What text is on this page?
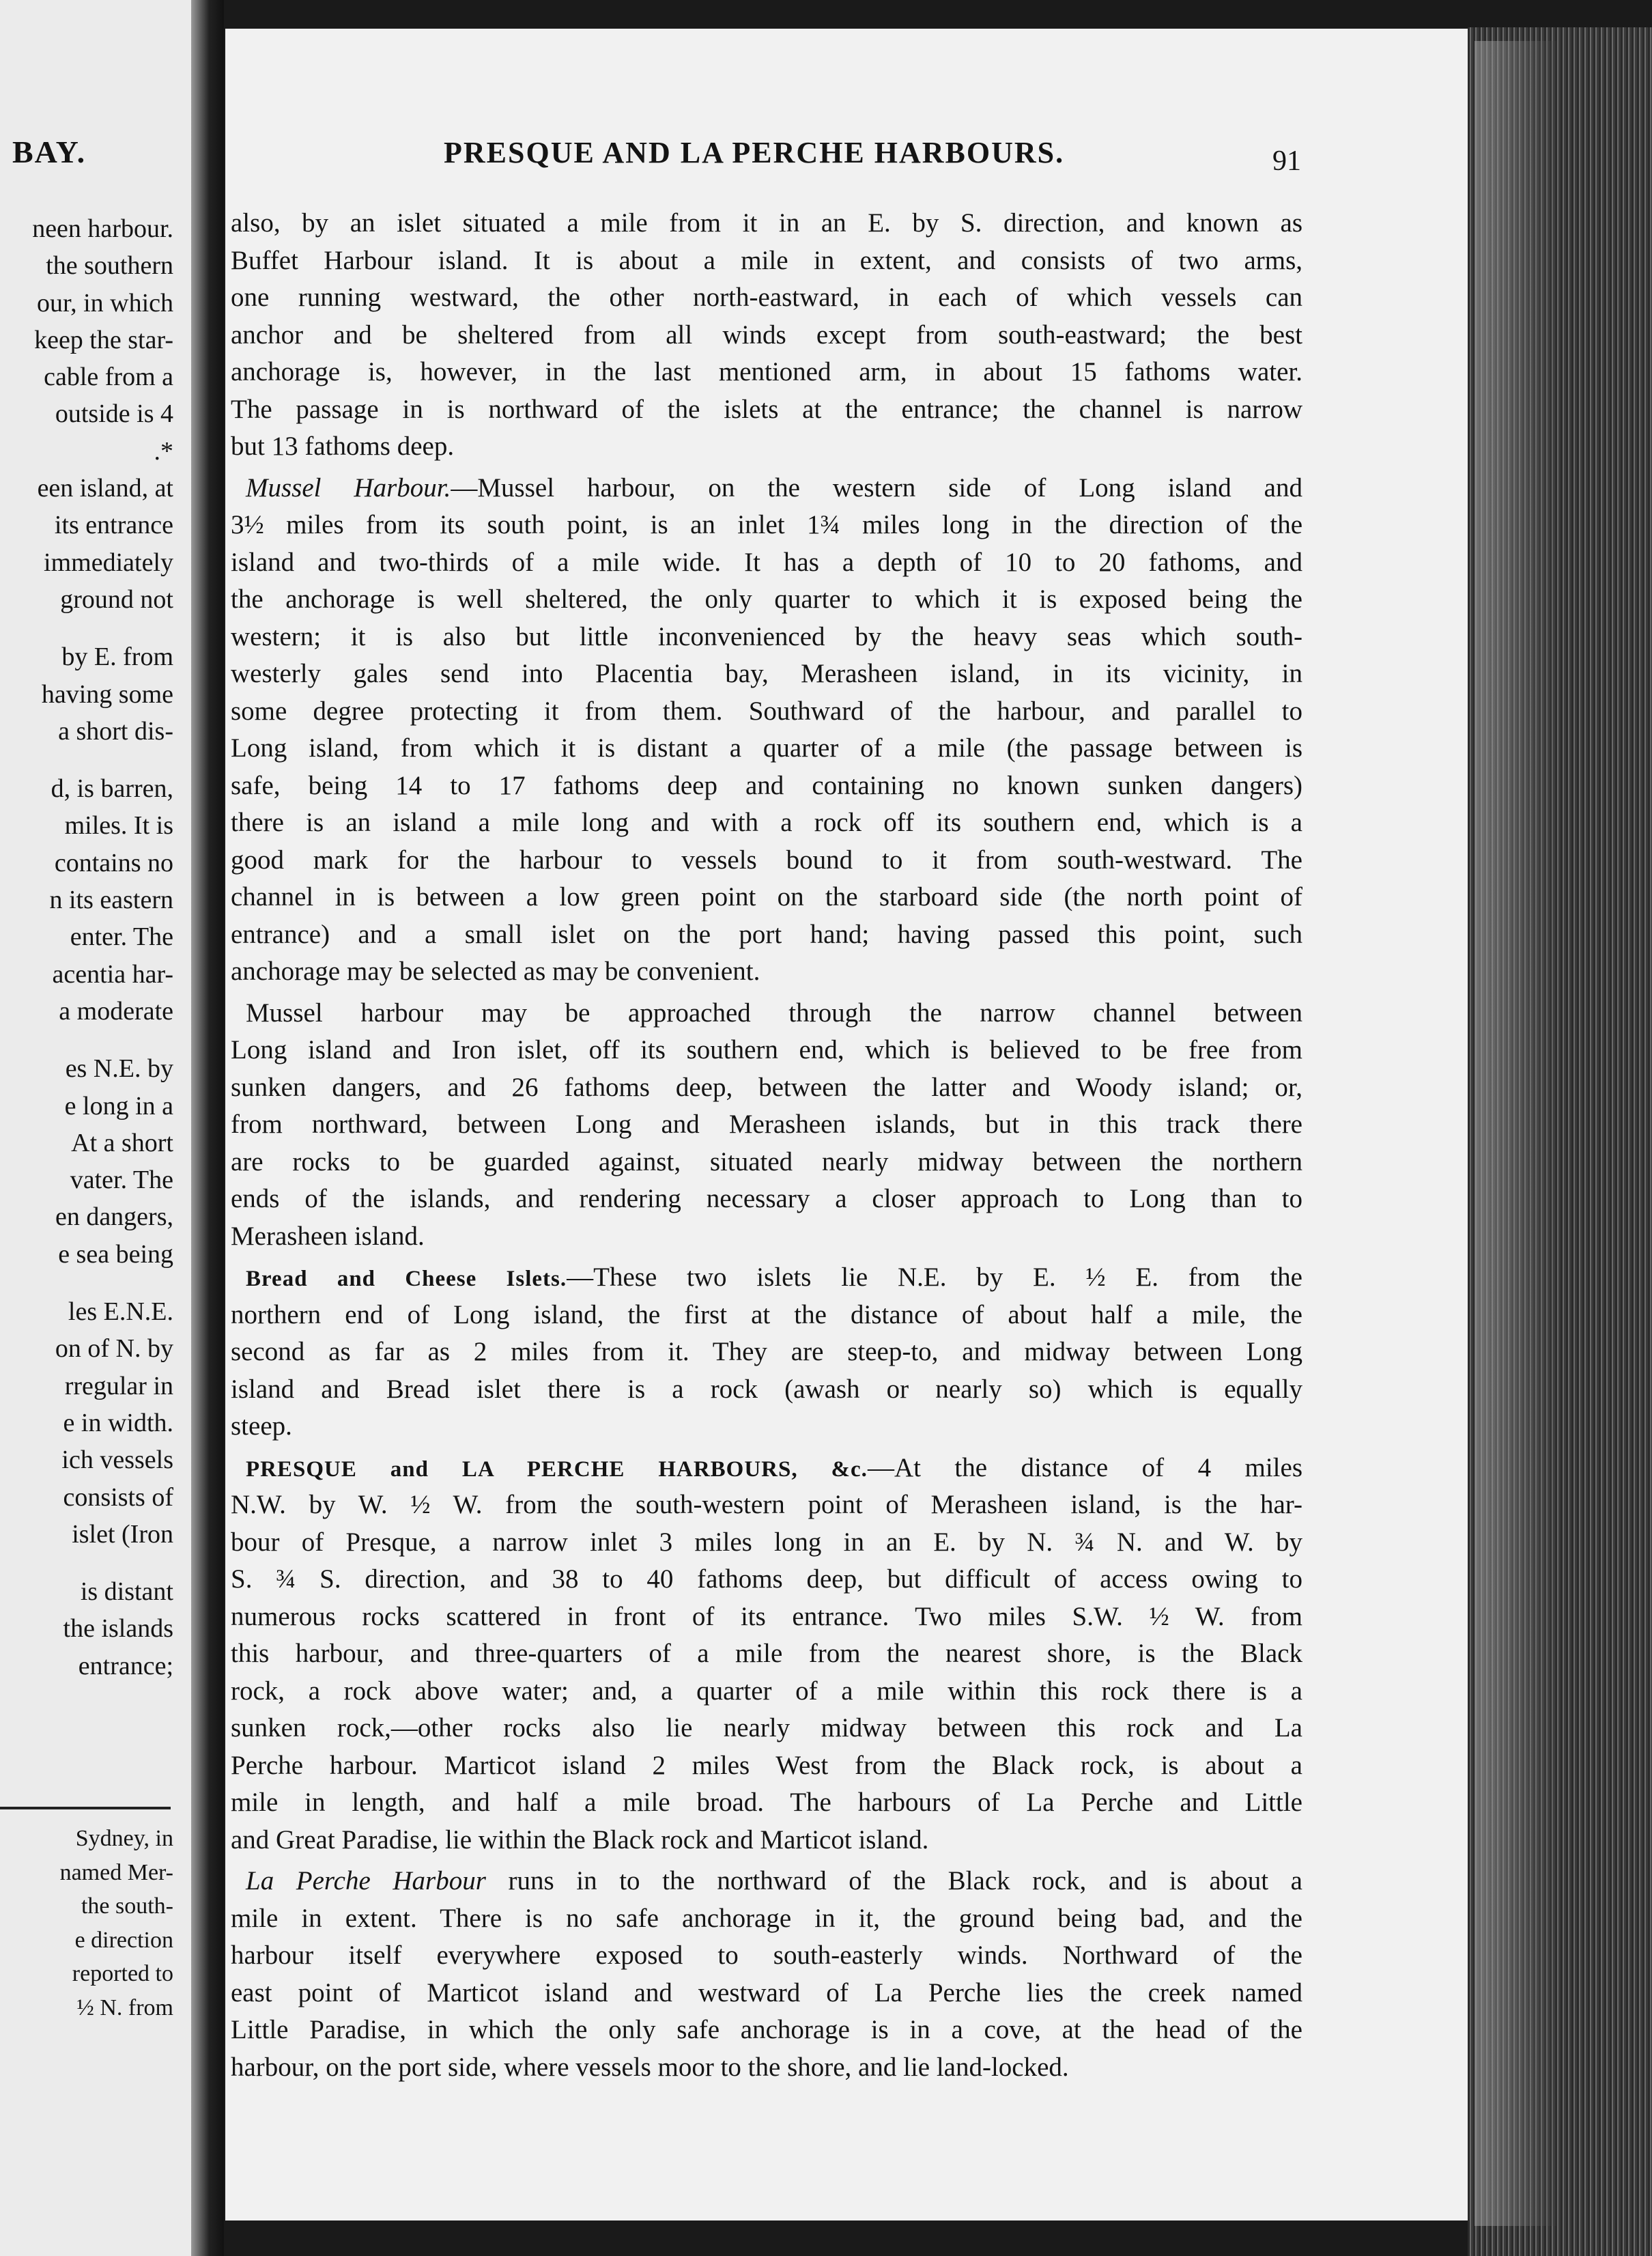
BAY.
neen harbour.
the southern
our, in which
keep the star-
cable from a
outside is 4
.*
een island, at
its entrance
immediately
ground not
by E. from
having some
a short dis-
d, is barren,
miles. It is
contains no
n its eastern
enter. The
acentia har-
a moderate
es N.E. by
e long in a
At a short
vater. The
en dangers,
e sea being
les E.N.E.
on of N. by
rregular in
e in width.
ich vessels
consists of
islet (Iron
is distant
the islands
entrance;
Sydney, in
named Mer-
the south-
e direction
reported to
½ N. from
PRESQUE AND LA PERCHE HARBOURS.	91
also, by an islet situated a mile from it in an E. by S. direction, and known as
Buffet Harbour island. It is about a mile in extent, and consists of two arms,
one running westward, the other north-eastward, in each of which vessels can
anchor and be sheltered from all winds except from south-eastward; the best
anchorage is, however, in the last mentioned arm, in about 15 fathoms water.
The passage in is northward of the islets at the entrance; the channel is narrow
but 13 fathoms deep.
Mussel Harbour.—Mussel harbour, on the western side of Long island and
3½ miles from its south point, is an inlet 1¾ miles long in the direction of the
island and two-thirds of a mile wide. It has a depth of 10 to 20 fathoms, and
the anchorage is well sheltered, the only quarter to which it is exposed being the
western; it is also but little inconvenienced by the heavy seas which south-
westerly gales send into Placentia bay, Merasheen island, in its vicinity, in
some degree protecting it from them. Southward of the harbour, and parallel to
Long island, from which it is distant a quarter of a mile (the passage between is
safe, being 14 to 17 fathoms deep and containing no known sunken dangers)
there is an island a mile long and with a rock off its southern end, which is a
good mark for the harbour to vessels bound to it from south-westward. The
channel in is between a low green point on the starboard side (the north point of
entrance) and a small islet on the port hand; having passed this point, such
anchorage may be selected as may be convenient.
Mussel harbour may be approached through the narrow channel between
Long island and Iron islet, off its southern end, which is believed to be free from
sunken dangers, and 26 fathoms deep, between the latter and Woody island; or,
from northward, between Long and Merasheen islands, but in this track there
are rocks to be guarded against, situated nearly midway between the northern
ends of the islands, and rendering necessary a closer approach to Long than to
Merasheen island.
Bread and Cheese Islets.—These two islets lie N.E. by E. ½ E. from the
northern end of Long island, the first at the distance of about half a mile, the
second as far as 2 miles from it. They are steep-to, and midway between Long
island and Bread islet there is a rock (awash or nearly so) which is equally
steep.
PRESQUE and LA PERCHE HARBOURS, &c.—At the distance of 4 miles
N.W. by W. ½ W. from the south-western point of Merasheen island, is the har-
bour of Presque, a narrow inlet 3 miles long in an E. by N. ¾ N. and W. by
S. ¾ S. direction, and 38 to 40 fathoms deep, but difficult of access owing to
numerous rocks scattered in front of its entrance. Two miles S.W. ½ W. from
this harbour, and three-quarters of a mile from the nearest shore, is the Black
rock, a rock above water; and, a quarter of a mile within this rock there is a
sunken rock,—other rocks also lie nearly midway between this rock and La
Perche harbour. Marticot island 2 miles West from the Black rock, is about a
mile in length, and half a mile broad. The harbours of La Perche and Little
and Great Paradise, lie within the Black rock and Marticot island.
La Perche Harbour runs in to the northward of the Black rock, and is about a
mile in extent. There is no safe anchorage in it, the ground being bad, and the
harbour itself everywhere exposed to south-easterly winds. Northward of the
east point of Marticot island and westward of La Perche lies the creek named
Little Paradise, in which the only safe anchorage is in a cove, at the head of the
harbour, on the port side, where vessels moor to the shore, and lie land-locked.
